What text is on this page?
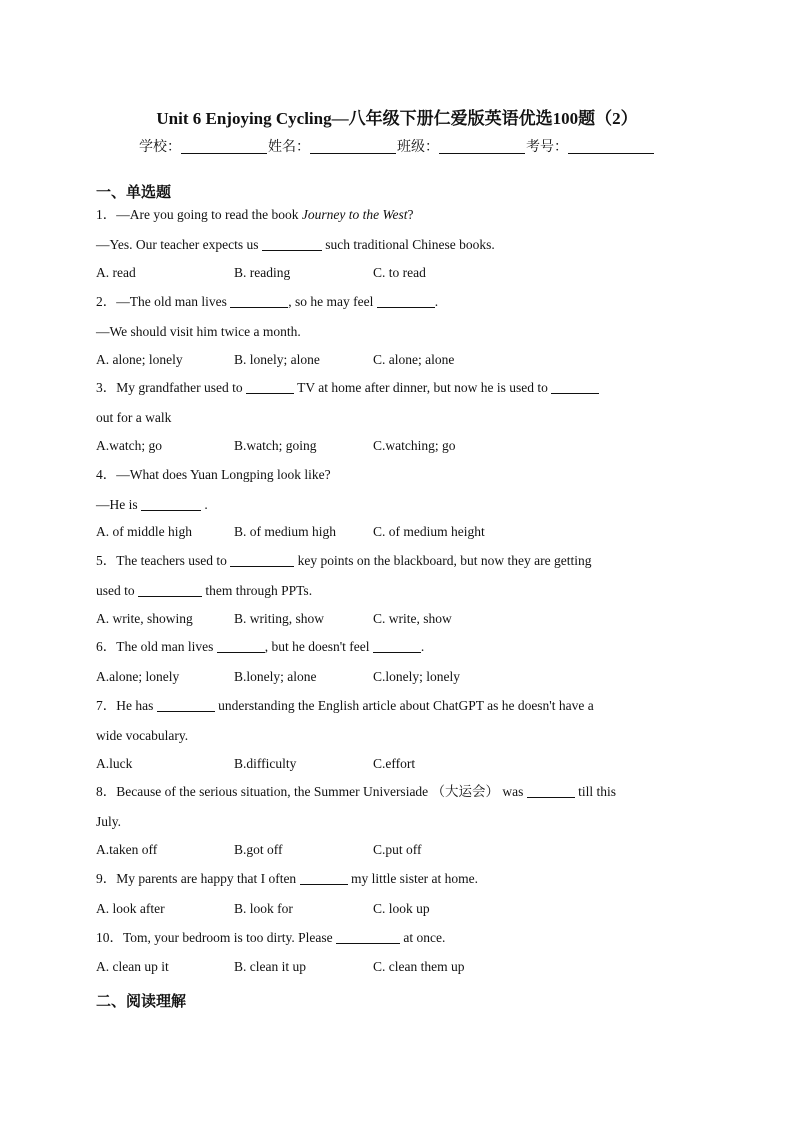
Unit 6 Enjoying Cycling—八年级下册仁爱版英语优选100题（2）
学校：	姓名：	班级：	考号：
一、单选题
1．—Are you going to read the book Journey to the West?
—Yes. Our teacher expects us	such traditional Chinese books.
A. read	B. reading	C. to read
2．—The old man lives	, so he may feel	.
—We should visit him twice a month.
A. alone; lonely	B. lonely; alone	C. alone; alone
3．My grandfather used to	TV at home after dinner, but now he is used to
out for a walk
A.watch; go	B.watch; going	C.watching; go
4．—What does Yuan Longping look like?
—He is	.
A. of middle high	B. of medium high	C. of medium height
5．The teachers used to	key points on the blackboard, but now they are getting
used to	them through PPTs.
A. write, showing	B. writing, show	C. write, show
6．The old man lives	, but he doesn't feel	.
A.alone; lonely	B.lonely; alone	C.lonely; lonely
7．He has	understanding the English article about ChatGPT as he doesn't have a
wide vocabulary.
A.luck	B.difficulty	C.effort
8．Because of the serious situation, the Summer Universiade （大运会） was	till this
July.
A.taken off	B.got off	C.put off
9．My parents are happy that I often	my little sister at home.
A. look after	B. look for	C. look up
10．Tom, your bedroom is too dirty. Please	at once.
A. clean up it	B. clean it up	C. clean them up
二、阅读理解
